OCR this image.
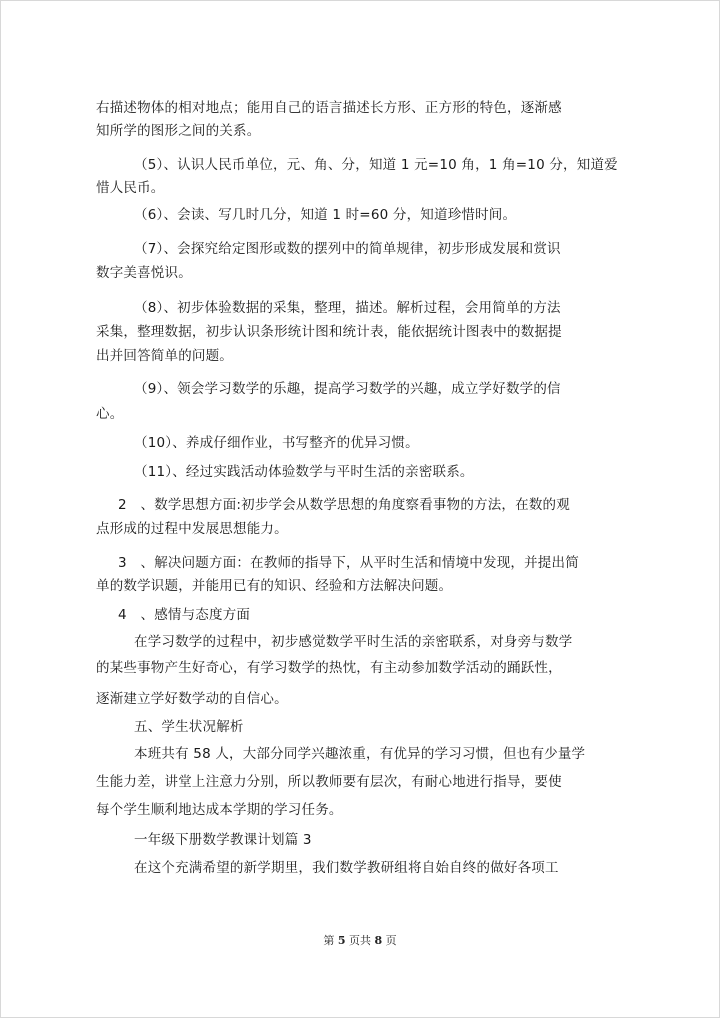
右描述物体的相对地点；能用自己的语言描述长方形、正方形的特色，逐渐感
知所学的图形之间的关系。
（5）、认识人民币单位，元、角、分，知道 1 元=10 角，1 角=10 分，知道爱
惜人民币。
（6）、会读、写几时几分，知道 1 时=60 分，知道珍惜时间。
（7）、会探究给定图形或数的摆列中的简单规律，初步形成发展和赏识
数字美喜悦识。
（8）、初步体验数据的采集，整理，描述。解析过程，会用简单的方法
采集，整理数据，初步认识条形统计图和统计表，能依据统计图表中的数据提
出并回答简单的问题。
（9）、领会学习数学的乐趣，提高学习数学的兴趣，成立学好数学的信
心。
（10）、养成仔细作业，书写整齐的优异习惯。
（11）、经过实践活动体验数学与平时生活的亲密联系。
2　、数学思想方面:初步学会从数学思想的角度察看事物的方法，在数的观
点形成的过程中发展思想能力。
3　、解决问题方面：在教师的指导下，从平时生活和情境中发现，并提出简
单的数学识题，并能用已有的知识、经验和方法解决问题。
4　、感情与态度方面
在学习数学的过程中，初步感觉数学平时生活的亲密联系，对身旁与数学
的某些事物产生好奇心，有学习数学的热忱，有主动参加数学活动的踊跃性，
逐渐建立学好数学动的自信心。
五、学生状况解析
本班共有 58 人，大部分同学兴趣浓重，有优异的学习习惯，但也有少量学
生能力差，讲堂上注意力分别，所以教师要有层次，有耐心地进行指导，要使
每个学生顺利地达成本学期的学习任务。
一年级下册数学教课计划篇 3
在这个充满希望的新学期里，我们数学教研组将自始自终的做好各项工
第 5 页共 8 页
